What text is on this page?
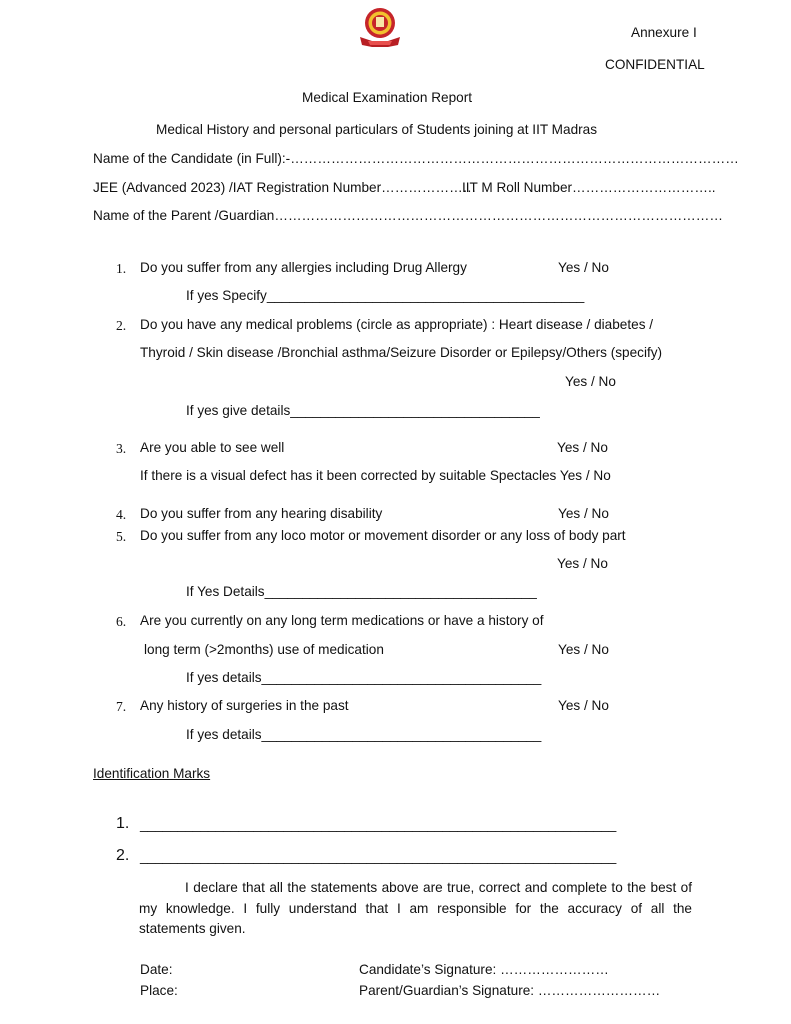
Annexure I
CONFIDENTIAL
Medical Examination Report
Medical History and personal particulars of Students joining at IIT Madras
Name of the Candidate (in Full):-………………………………………………………………………………………
JEE (Advanced 2023) /IAT Registration Number…………………
IIT M Roll Number…………………………..
Name of the Parent /Guardian………………………………………………………………………………………
1. Do you suffer from any allergies including Drug Allergy	Yes / No
If yes Specify__________________________________________
2. Do you have any medical problems (circle as appropriate) : Heart disease / diabetes /
Thyroid / Skin disease /Bronchial asthma/Seizure Disorder or Epilepsy/Others (specify)
Yes / No
If yes give details_________________________________
3. Are you able to see well	Yes / No
If there is a visual defect has it been corrected by suitable Spectacles Yes / No
4. Do you suffer from any hearing disability	Yes / No
5. Do you suffer from any loco motor or movement disorder or any loss of body part
Yes / No
If Yes Details____________________________________
6. Are you currently on any long term medications or have a history of
long term (>2months) use of medication	Yes / No
If yes details_____________________________________
7. Any history of surgeries in the past	Yes / No
If yes details_____________________________________
Identification Marks
1. _______________________________________________________________
2. _______________________________________________________________

I declare that all the statements above are true, correct and complete to the best of my knowledge. I fully understand that I am responsible for the accuracy of all the statements given.

Date:	Candidate’s Signature: ……………………
Place:	Parent/Guardian’s Signature: ………………………
